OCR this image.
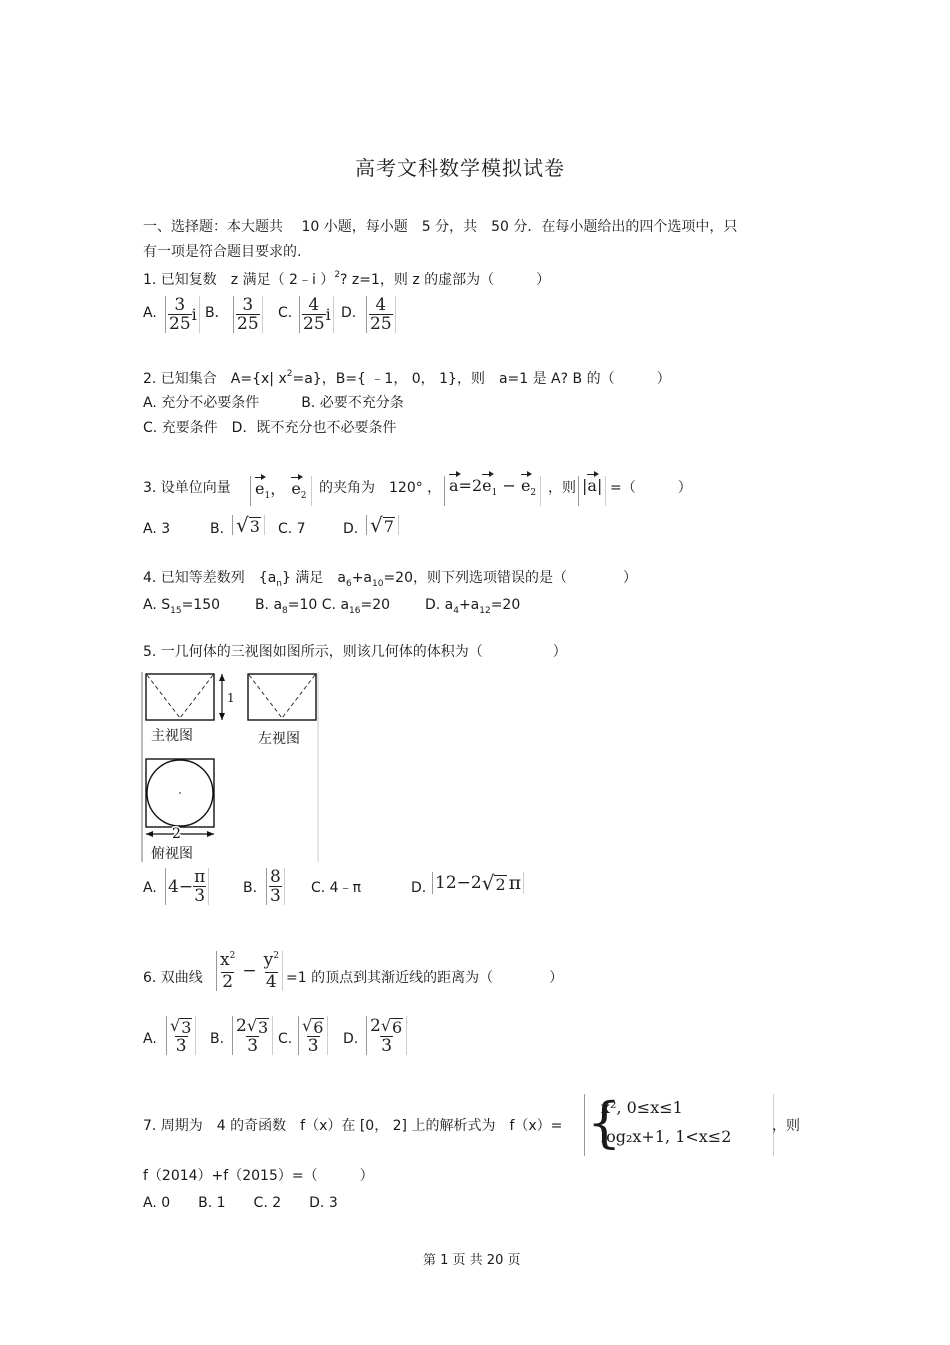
高考文科数学模拟试卷
一、选择题：本大题共　 10 小题，每小题　5 分，共　50 分．在每小题给出的四个选项中，只
有一项是符合题目要求的.
1. 已知复数　z 满足（ 2﹣i ）$^2$? z=1，则 z 的虚部为（　　　）
A. $\frac{3}{25}$ i B． $\frac{3}{25} C$. $\frac{4}{25}$ i D. $\frac{4}{25}$
2. 已知集合　A={x| $x^2=a$}，B={ ﹣1， 0， 1}，则　a=1 是 A? B 的（　　　）
A. 充分不必要条件　　　B. 必要不充分条
C. 充要条件　D．既不充分也不必要条件
3. 设单位向量	$e_1$， $e_2$ 的夹角为　120° ， $a=2e_1 - e_2$ ，则 |a| =（　　　）
A. 3	B. √ 3 C. 7	D. √ 7
4. 已知等差数列　$\{a_n\}$ 满足　$a_6+a_{10}=20$，则下列选项错误的是（　　　　）
A. $S_{15}=150$ B. $a_8=10$ C. $a_{16}=20$ D. $a_4+a_{12}=20$
5. 一几何体的三视图如图所示，则该几何体的体积为（　　　　　）
1
主视图	左视图
2
俯视图
A. $4- \frac{\pi}{3}$	B. $\frac{8}{3} C$. 4﹣π	D. 12−2 √ 2 π
6. 双曲线 $\frac{x^2}{2} - \frac{y^2}{4} =1$ 的顶点到其渐近线的距离为（　　　　）
A. $\frac{√ 3}{3} B$. $\frac{2 √ 3}{3} C$. $\frac{√ 6}{3} D$. $\frac{2 √ 6}{3}$
7. 周期为　4 的奇函数　f（x）在 [0， 2] 上的解析式为　f（x）= {
x², 0≤x≤1
log₂x+1, 1<x≤2
，则
f（2014）+f（2015）=（　　　）
A. 0　　B. 1　　C. 2　　D. 3
第 1 页 共 20 页
